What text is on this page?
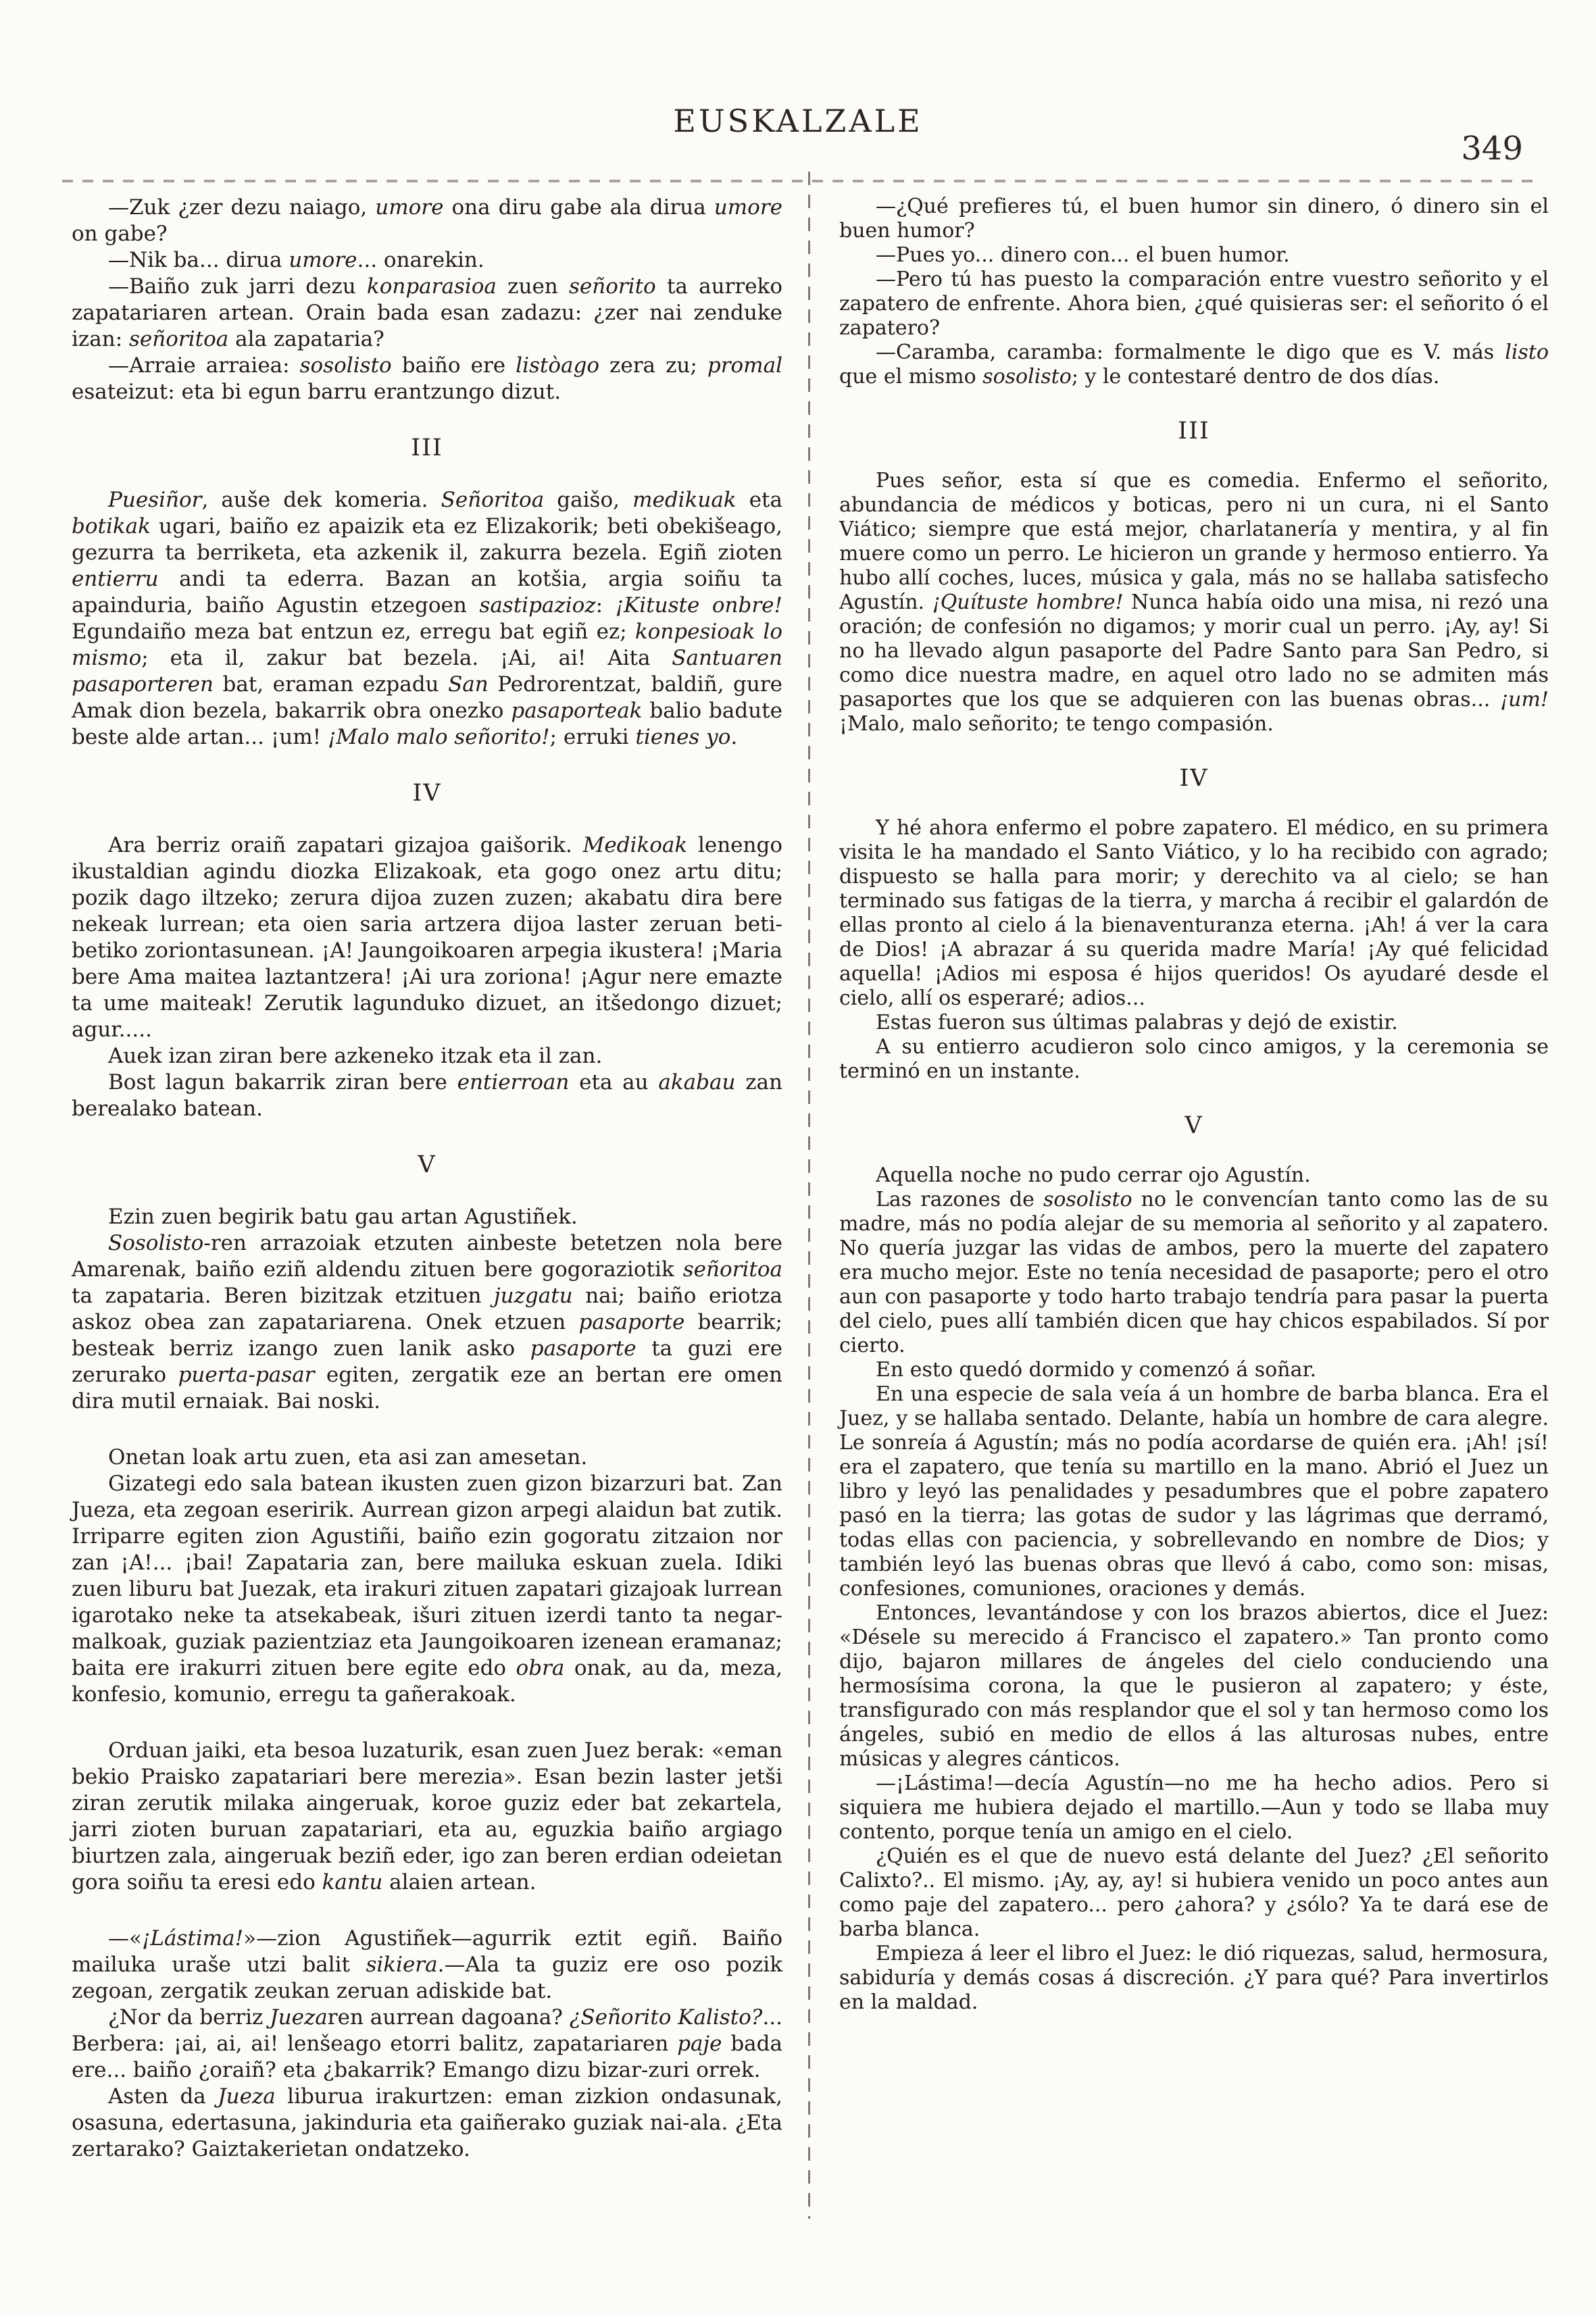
EUSKALZALE
349

—Zuk ¿zer dezu naiago, umore ona diru gabe ala dirua umore on gabe?

—Nik ba... dirua umore... onarekin.

—Baiño zuk jarri dezu konparasioa zuen señorito ta aurreko zapatariaren artean. Orain bada esan zadazu: ¿zer nai zenduke izan: señoritoa ala zapataria?

—Arraie arraiea: sosolisto baiño ere listòago zera zu; promal esateizut: eta bi egun barru erantzungo dizut.

III

Puesiñor, auše dek komeria. Señoritoa gaišo, medikuak eta botikak ugari, baiño ez apaizik eta ez Elizakorik; beti obekišeago, gezurra ta berriketa, eta azkenik il, zakurra bezela. Egiñ zioten entierru andi ta ederra. Bazan an kotšia, argia soiñu ta apainduria, baiño Agustin etzegoen sastipazioz: ¡Kituste onbre! Egundaiño meza bat entzun ez, erregu bat egiñ ez; konpesioak lo mismo; eta il, zakur bat bezela. ¡Ai, ai! Aita Santuaren pasaporteren bat, eraman ezpadu San Pedrorentzat, baldiñ, gure Amak dion bezela, bakarrik obra onezko pasaporteak balio badute beste alde artan... ¡um! ¡Malo malo señorito!; erruki tienes yo.

IV

Ara berriz oraiñ zapatari gizajoa gaišorik. Medikoak lenengo ikustaldian agindu diozka Elizakoak, eta gogo onez artu ditu; pozik dago iltzeko; zerura dijoa zuzen zuzen; akabatu dira bere nekeak lurrean; eta oien saria artzera dijoa laster zeruan beti-betiko zoriontasunean. ¡A! Jaungoikoaren arpegia ikustera! ¡Maria bere Ama maitea laztantzera! ¡Ai ura zoriona! ¡Agur nere emazte ta ume maiteak! Zerutik lagunduko dizuet, an itšedongo dizuet; agur.....

Auek izan ziran bere azkeneko itzak eta il zan.

Bost lagun bakarrik ziran bere entierroan eta au akabau zan berealako batean.

V

Ezin zuen begirik batu gau artan Agustiñek.

Sosolisto-ren arrazoiak etzuten ainbeste betetzen nola bere Amarenak, baiño eziñ aldendu zituen bere gogoraziotik señoritoa ta zapataria. Beren bizitzak etzituen juzgatu nai; baiño eriotza askoz obea zan zapatariarena. Onek etzuen pasaporte bearrik; besteak berriz izango zuen lanik asko pasaporte ta guzi ere zerurako puerta-pasar egiten, zergatik eze an bertan ere omen dira mutil ernaiak. Bai noski.

Onetan loak artu zuen, eta asi zan amesetan.

Gizategi edo sala batean ikusten zuen gizon bizarzuri bat. Zan Jueza, eta zegoan eseririk. Aurrean gizon arpegi alaidun bat zutik. Irriparre egiten zion Agustiñi, baiño ezin gogoratu zitzaion nor zan ¡A!... ¡bai! Zapataria zan, bere mailuka eskuan zuela. Idiki zuen liburu bat Juezak, eta irakuri zituen zapatari gizajoak lurrean igarotako neke ta atsekabeak, išuri zituen izerdi tanto ta negar-malkoak, guziak pazientziaz eta Jaungoikoaren izenean eramanaz; baita ere irakurri zituen bere egite edo obra onak, au da, meza, konfesio, komunio, erregu ta gañerakoak.

Orduan jaiki, eta besoa luzaturik, esan zuen Juez berak: «eman bekio Praisko zapatariari bere merezia». Esan bezin laster jetši ziran zerutik milaka aingeruak, koroe guziz eder bat zekartela, jarri zioten buruan zapatariari, eta au, eguzkia baiño argiago biurtzen zala, aingeruak beziñ eder, igo zan beren erdian odeietan gora soiñu ta eresi edo kantu alaien artean.

—«¡Lástima!»—zion Agustiñek—agurrik eztit egiñ. Baiño mailuka uraše utzi balit sikiera.—Ala ta guziz ere oso pozik zegoan, zergatik zeukan zeruan adiskide bat.

¿Nor da berriz Juezaren aurrean dagoana? ¿Señorito Kalisto?... Berbera: ¡ai, ai, ai! lenšeago etorri balitz, zapatariaren paje bada ere... baiño ¿oraiñ? eta ¿bakarrik? Emango dizu bizar-zuri orrek.

Asten da Jueza liburua irakurtzen: eman zizkion ondasunak, osasuna, edertasuna, jakinduria eta gaiñerako guziak nai-ala. ¿Eta zertarako? Gaiztakerietan ondatzeko.

—¿Qué prefieres tú, el buen humor sin dinero, ó dinero sin el buen humor?

—Pues yo... dinero con... el buen humor.

—Pero tú has puesto la comparación entre vuestro señorito y el zapatero de enfrente. Ahora bien, ¿qué quisieras ser: el señorito ó el zapatero?

—Caramba, caramba: formalmente le digo que es V. más listo que el mismo sosolisto; y le contestaré dentro de dos días.

III

Pues señor, esta sí que es comedia. Enfermo el señorito, abundancia de médicos y boticas, pero ni un cura, ni el Santo Viático; siempre que está mejor, charlatanería y mentira, y al fin muere como un perro. Le hicieron un grande y hermoso entierro. Ya hubo allí coches, luces, música y gala, más no se hallaba satisfecho Agustín. ¡Quítuste hombre! Nunca había oido una misa, ni rezó una oración; de confesión no digamos; y morir cual un perro. ¡Ay, ay! Si no ha llevado algun pasaporte del Padre Santo para San Pedro, si como dice nuestra madre, en aquel otro lado no se admiten más pasaportes que los que se adquieren con las buenas obras... ¡um! ¡Malo, malo señorito; te tengo compasión.

IV

Y hé ahora enfermo el pobre zapatero. El médico, en su primera visita le ha mandado el Santo Viático, y lo ha recibido con agrado; dispuesto se halla para morir; y derechito va al cielo; se han terminado sus fatigas de la tierra, y marcha á recibir el galardón de ellas pronto al cielo á la bienaventuranza eterna. ¡Ah! á ver la cara de Dios! ¡A abrazar á su querida madre María! ¡Ay qué felicidad aquella! ¡Adios mi esposa é hijos queridos! Os ayudaré desde el cielo, allí os esperaré; adios...

Estas fueron sus últimas palabras y dejó de existir.

A su entierro acudieron solo cinco amigos, y la ceremonia se terminó en un instante.

V

Aquella noche no pudo cerrar ojo Agustín.

Las razones de sosolisto no le convencían tanto como las de su madre, más no podía alejar de su memoria al señorito y al zapatero. No quería juzgar las vidas de ambos, pero la muerte del zapatero era mucho mejor. Este no tenía necesidad de pasaporte; pero el otro aun con pasaporte y todo harto trabajo tendría para pasar la puerta del cielo, pues allí también dicen que hay chicos espabilados. Sí por cierto.

En esto quedó dormido y comenzó á soñar.

En una especie de sala veía á un hombre de barba blanca. Era el Juez, y se hallaba sentado. Delante, había un hombre de cara alegre. Le sonreía á Agustín; más no podía acordarse de quién era. ¡Ah! ¡sí! era el zapatero, que tenía su martillo en la mano. Abrió el Juez un libro y leyó las penalidades y pesadumbres que el pobre zapatero pasó en la tierra; las gotas de sudor y las lágrimas que derramó, todas ellas con paciencia, y sobrellevando en nombre de Dios; y también leyó las buenas obras que llevó á cabo, como son: misas, confesiones, comuniones, oraciones y demás.

Entonces, levantándose y con los brazos abiertos, dice el Juez: «Désele su merecido á Francisco el zapatero.» Tan pronto como dijo, bajaron millares de ángeles del cielo conduciendo una hermosísima corona, la que le pusieron al zapatero; y éste, transfigurado con más resplandor que el sol y tan hermoso como los ángeles, subió en medio de ellos á las alturosas nubes, entre músicas y alegres cánticos.

—¡Lástima!—decía Agustín—no me ha hecho adios. Pero si siquiera me hubiera dejado el martillo.—Aun y todo se llaba muy contento, porque tenía un amigo en el cielo.

¿Quién es el que de nuevo está delante del Juez? ¿El señorito Calixto?.. El mismo. ¡Ay, ay, ay! si hubiera venido un poco antes aun como paje del zapatero... pero ¿ahora? y ¿sólo? Ya te dará ese de barba blanca.

Empieza á leer el libro el Juez: le dió riquezas, salud, hermosura, sabiduría y demás cosas á discreción. ¿Y para qué? Para invertirlos en la maldad.
